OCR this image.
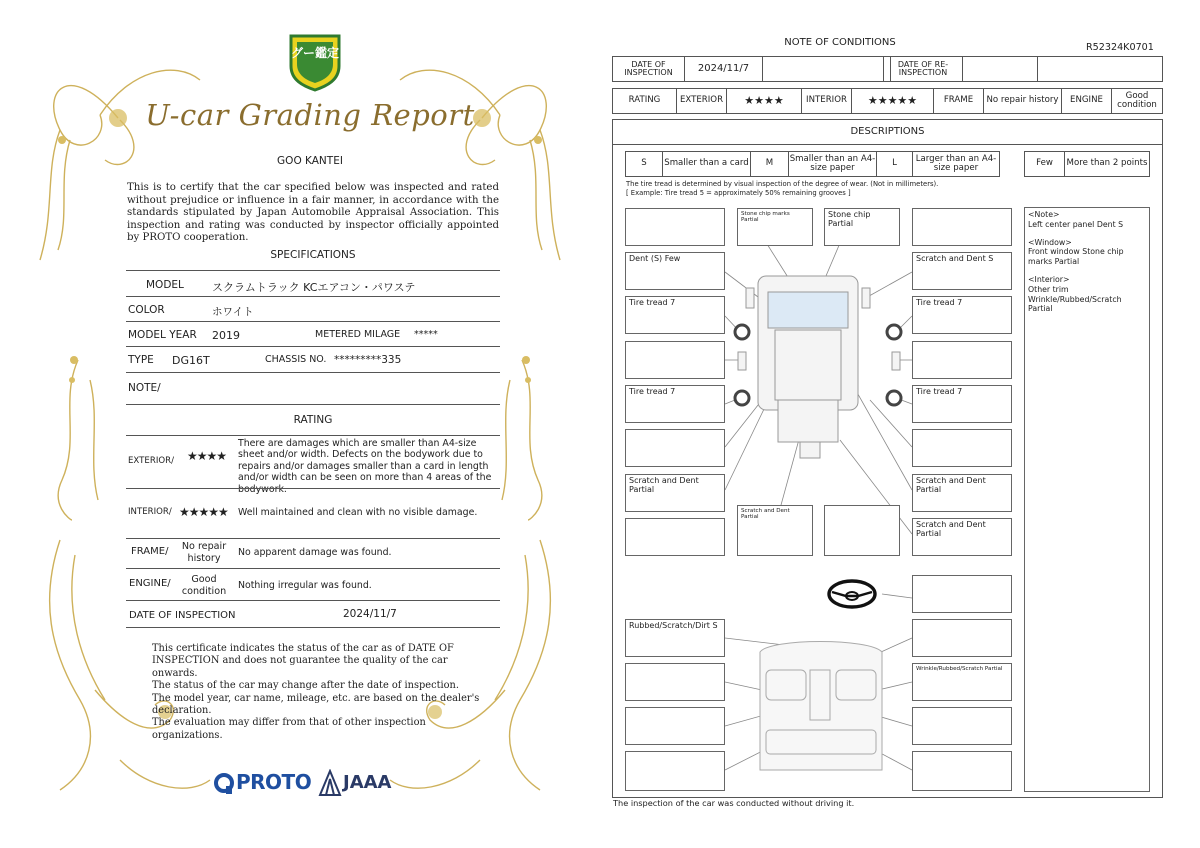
グー鑑定
U-car Grading Report
GOO KANTEI
This is to certify that the car specified below was inspected and rated without prejudice or influence in a fair manner, in accordance with the standards stipulated by Japan Automobile Appraisal Association. This inspection and rating was conducted by inspector officially appointed by PROTO cooperation.
SPECIFICATIONS
MODEL	スクラムトラック KCエアコン・パワステ
COLOR	ホワイト
MODEL YEAR 2019	METERED MILAGE *****
TYPE DG16T	CHASSIS NO. *********335
NOTE/
RATING
EXTERIOR/ ★★★★
There are damages which are smaller than A4-size sheet and/or width. Defects on the bodywork due to repairs and/or damages smaller than a card in length and/or width can be seen on more than 4 areas of the bodywork.
INTERIOR/ ★★★★★ Well maintained and clean with no visible damage.
FRAME/	No repair history
No apparent damage was found.
ENGINE/	Good condition
Nothing irregular was found.
DATE OF INSPECTION	2024/11/7
This certificate indicates the status of the car as of DATE OF
INSPECTION and does not guarantee the quality of the car onwards.
The status of the car may change after the date of inspection.
The model year, car name, mileage, etc. are based on the dealer's
declaration.
The evaluation may differ from that of other inspection organizations.
PROTO JAAA
NOTE OF CONDITIONS	R52324K0701
DATE OF INSPECTION	2024/11/7	DATE OF RE-INSPECTION
RATING	EXTERIOR	★★★★	INTERIOR	★★★★★	FRAME	No repair history	ENGINE	Good condition
DESCRIPTIONS
S	Smaller than a card	M	Smaller than an A4-size paper	L	Larger than an A4-size paper	Few	More than 2 points
The tire tread is determined by visual inspection of the degree of wear. (Not in millimeters).
[ Example: Tire tread 5 = approximately 50% remaining grooves ]
Stone chip marks Partial
Stone chip Partial
Dent (S) Few	Scratch and Dent S
Tire tread 7	Tire tread 7
Tire tread 7	Tire tread 7
Scratch and Dent Partial
Scratch and Dent Partial
Scratch and Dent Partial
Scratch and Dent Partial
Rubbed/Scratch/Dirt S
Wrinkle/Rubbed/Scratch Partial
<Note>
Left center panel Dent S
<Window>
Front window Stone chip marks Partial
<Interior>
Other trim
Wrinkle/Rubbed/Scratch
Partial
The inspection of the car was conducted without driving it.
